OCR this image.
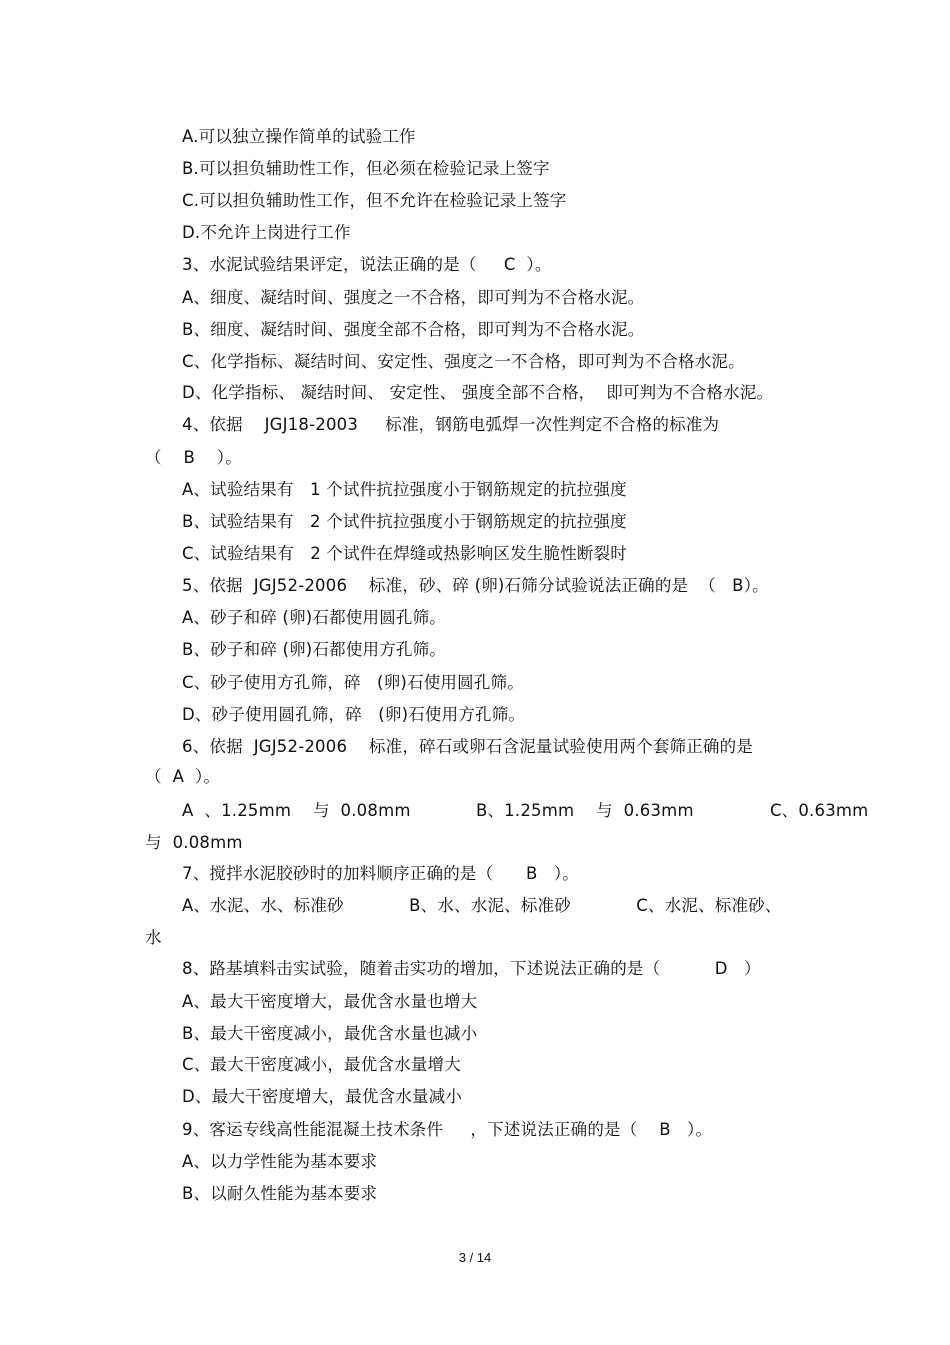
A.可以独立操作简单的试验工作
B.可以担负辅助性工作，但必须在检验记录上签字
C.可以担负辅助性工作，但不允许在检验记录上签字
D.不允许上岗进行工作
3、水泥试验结果评定，说法正确的是（     C  ）。
A、细度、凝结时间、强度之一不合格，即可判为不合格水泥。
B、细度、凝结时间、强度全部不合格，即可判为不合格水泥。
C、化学指标、凝结时间、安定性、强度之一不合格，即可判为不合格水泥。
D、化学指标、 凝结时间、 安定性、 强度全部不合格，  即可判为不合格水泥。
4、依据    JGJ18-2003     标准，钢筋电弧焊一次性判定不合格的标准为
（    B    ）。
A、试验结果有   1 个试件抗拉强度小于钢筋规定的抗拉强度
B、试验结果有   2 个试件抗拉强度小于钢筋规定的抗拉强度
C、试验结果有   2 个试件在焊缝或热影响区发生脆性断裂时
5、依据  JGJ52-2006    标准，砂、碎 (卵)石筛分试验说法正确的是  （   B）。
A、砂子和碎 (卵)石都使用圆孔筛。
B、砂子和碎 (卵)石都使用方孔筛。
C、砂子使用方孔筛，碎   (卵)石使用圆孔筛。
D、砂子使用圆孔筛，碎   (卵)石使用方孔筛。
6、依据  JGJ52-2006    标准，碎石或卵石含泥量试验使用两个套筛正确的是
（  A  ）。
A  、1.25mm    与  0.08mm            B、1.25mm    与  0.63mm              C、0.63mm
与  0.08mm
7、搅拌水泥胶砂时的加料顺序正确的是（      B   ）。
A、水泥、水、标准砂            B、水、水泥、标准砂            C、水泥、标准砂、
水
8、路基填料击实试验，随着击实功的增加，下述说法正确的是（          D   ）
A、最大干密度增大，最优含水量也增大
B、最大干密度减小，最优含水量也减小
C、最大干密度减小，最优含水量增大
D、最大干密度增大，最优含水量减小
9、客运专线高性能混凝土技术条件     ，下述说法正确的是（    B   ）。
A、以力学性能为基本要求
B、以耐久性能为基本要求
3 / 14
